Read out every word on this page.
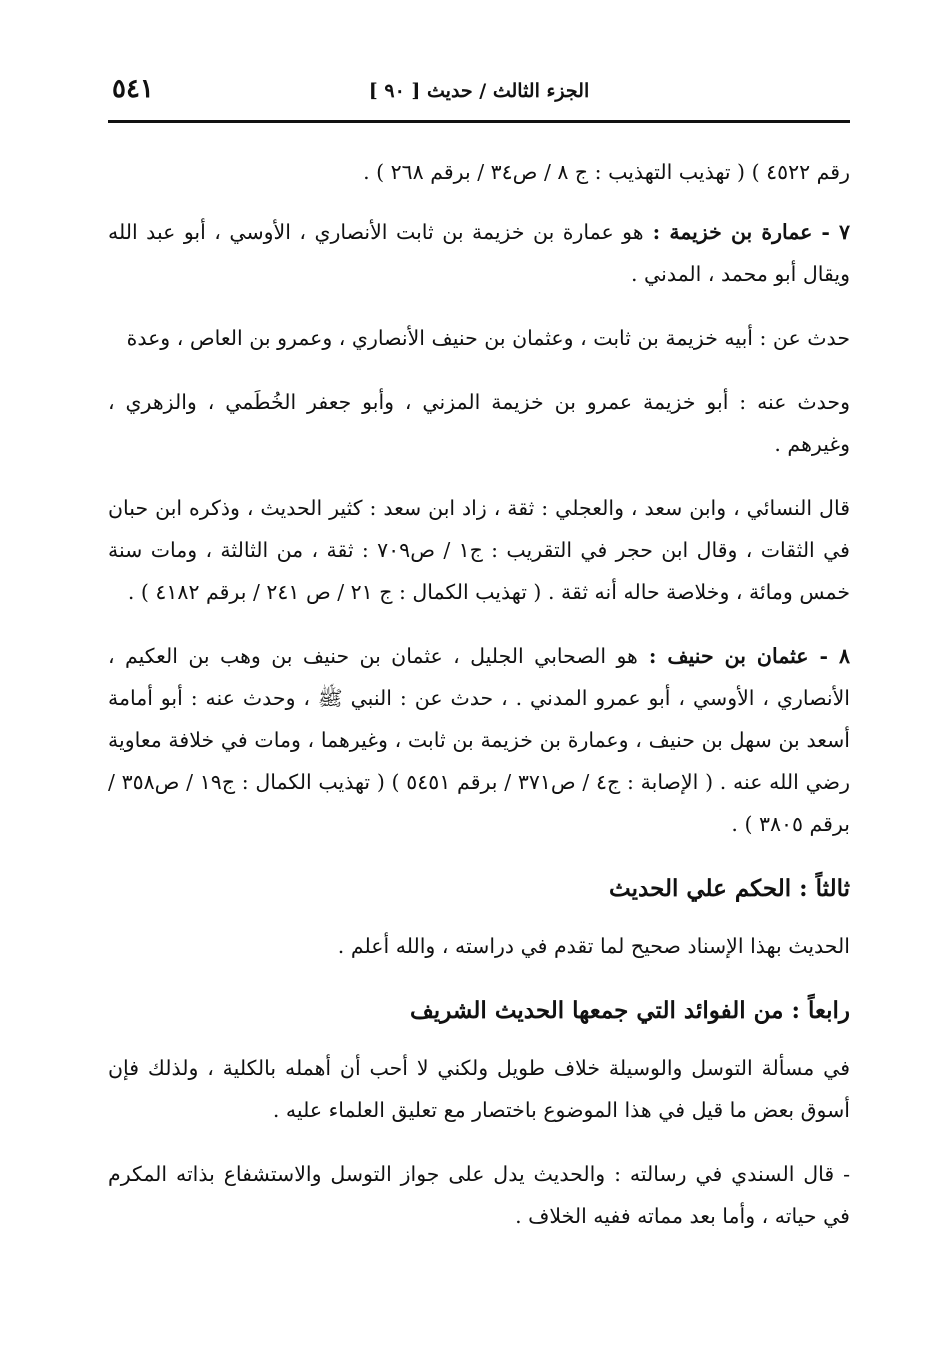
الجزء الثالث / حديث [ ٩٠ ]
٥٤١

رقم ٤٥٢٢ ) ( تهذيب التهذيب : ج ٨ / ص٣٤ / برقم ٢٦٨ ) .

٧ - عمارة بن خزيمة : هو عمارة بن خزيمة بن ثابت الأنصاري ، الأوسي ، أبو عبد الله ويقال أبو محمد ، المدني .

حدث عن : أبيه خزيمة بن ثابت ، وعثمان بن حنيف الأنصاري ، وعمرو بن العاص ، وعدة

وحدث عنه : أبو خزيمة عمرو بن خزيمة المزني ، وأبو جعفر الخُطَمي ، والزهري ، وغيرهم .

قال النسائي ، وابن سعد ، والعجلي : ثقة ، زاد ابن سعد : كثير الحديث ، وذكره ابن حبان في الثقات ، وقال ابن حجر في التقريب : ج١ / ص٧٠٩ : ثقة ، من الثالثة ، ومات سنة خمس ومائة ، وخلاصة حاله أنه ثقة . ( تهذيب الكمال : ج ٢١ / ص ٢٤١ / برقم ٤١٨٢ ) .

٨ - عثمان بن حنيف : هو الصحابي الجليل ، عثمان بن حنيف بن وهب بن العكيم ، الأنصاري ، الأوسي ، أبو عمرو المدني . ، حدث عن : النبي ﷺ ، وحدث عنه : أبو أمامة أسعد بن سهل بن حنيف ، وعمارة بن خزيمة بن ثابت ، وغيرهما ، ومات في خلافة معاوية رضي الله عنه . ( الإصابة : ج٤ / ص٣٧١ / برقم ٥٤٥١ ) ( تهذيب الكمال : ج١٩ / ص٣٥٨ / برقم ٣٨٠٥ ) .

ثالثاً : الحكم علي الحديث

الحديث بهذا الإسناد صحيح لما تقدم في دراسته ، والله أعلم .

رابعاً : من الفوائد التي جمعها الحديث الشريف

في مسألة التوسل والوسيلة خلاف طويل ولكني لا أحب أن أهمله بالكلية ، ولذلك فإن أسوق بعض ما قيل في هذا الموضوع باختصار مع تعليق العلماء عليه .

- قال السندي في رسالته : والحديث يدل على جواز التوسل والاستشفاع بذاته المكرم في حياته ، وأما بعد مماته ففيه الخلاف .
